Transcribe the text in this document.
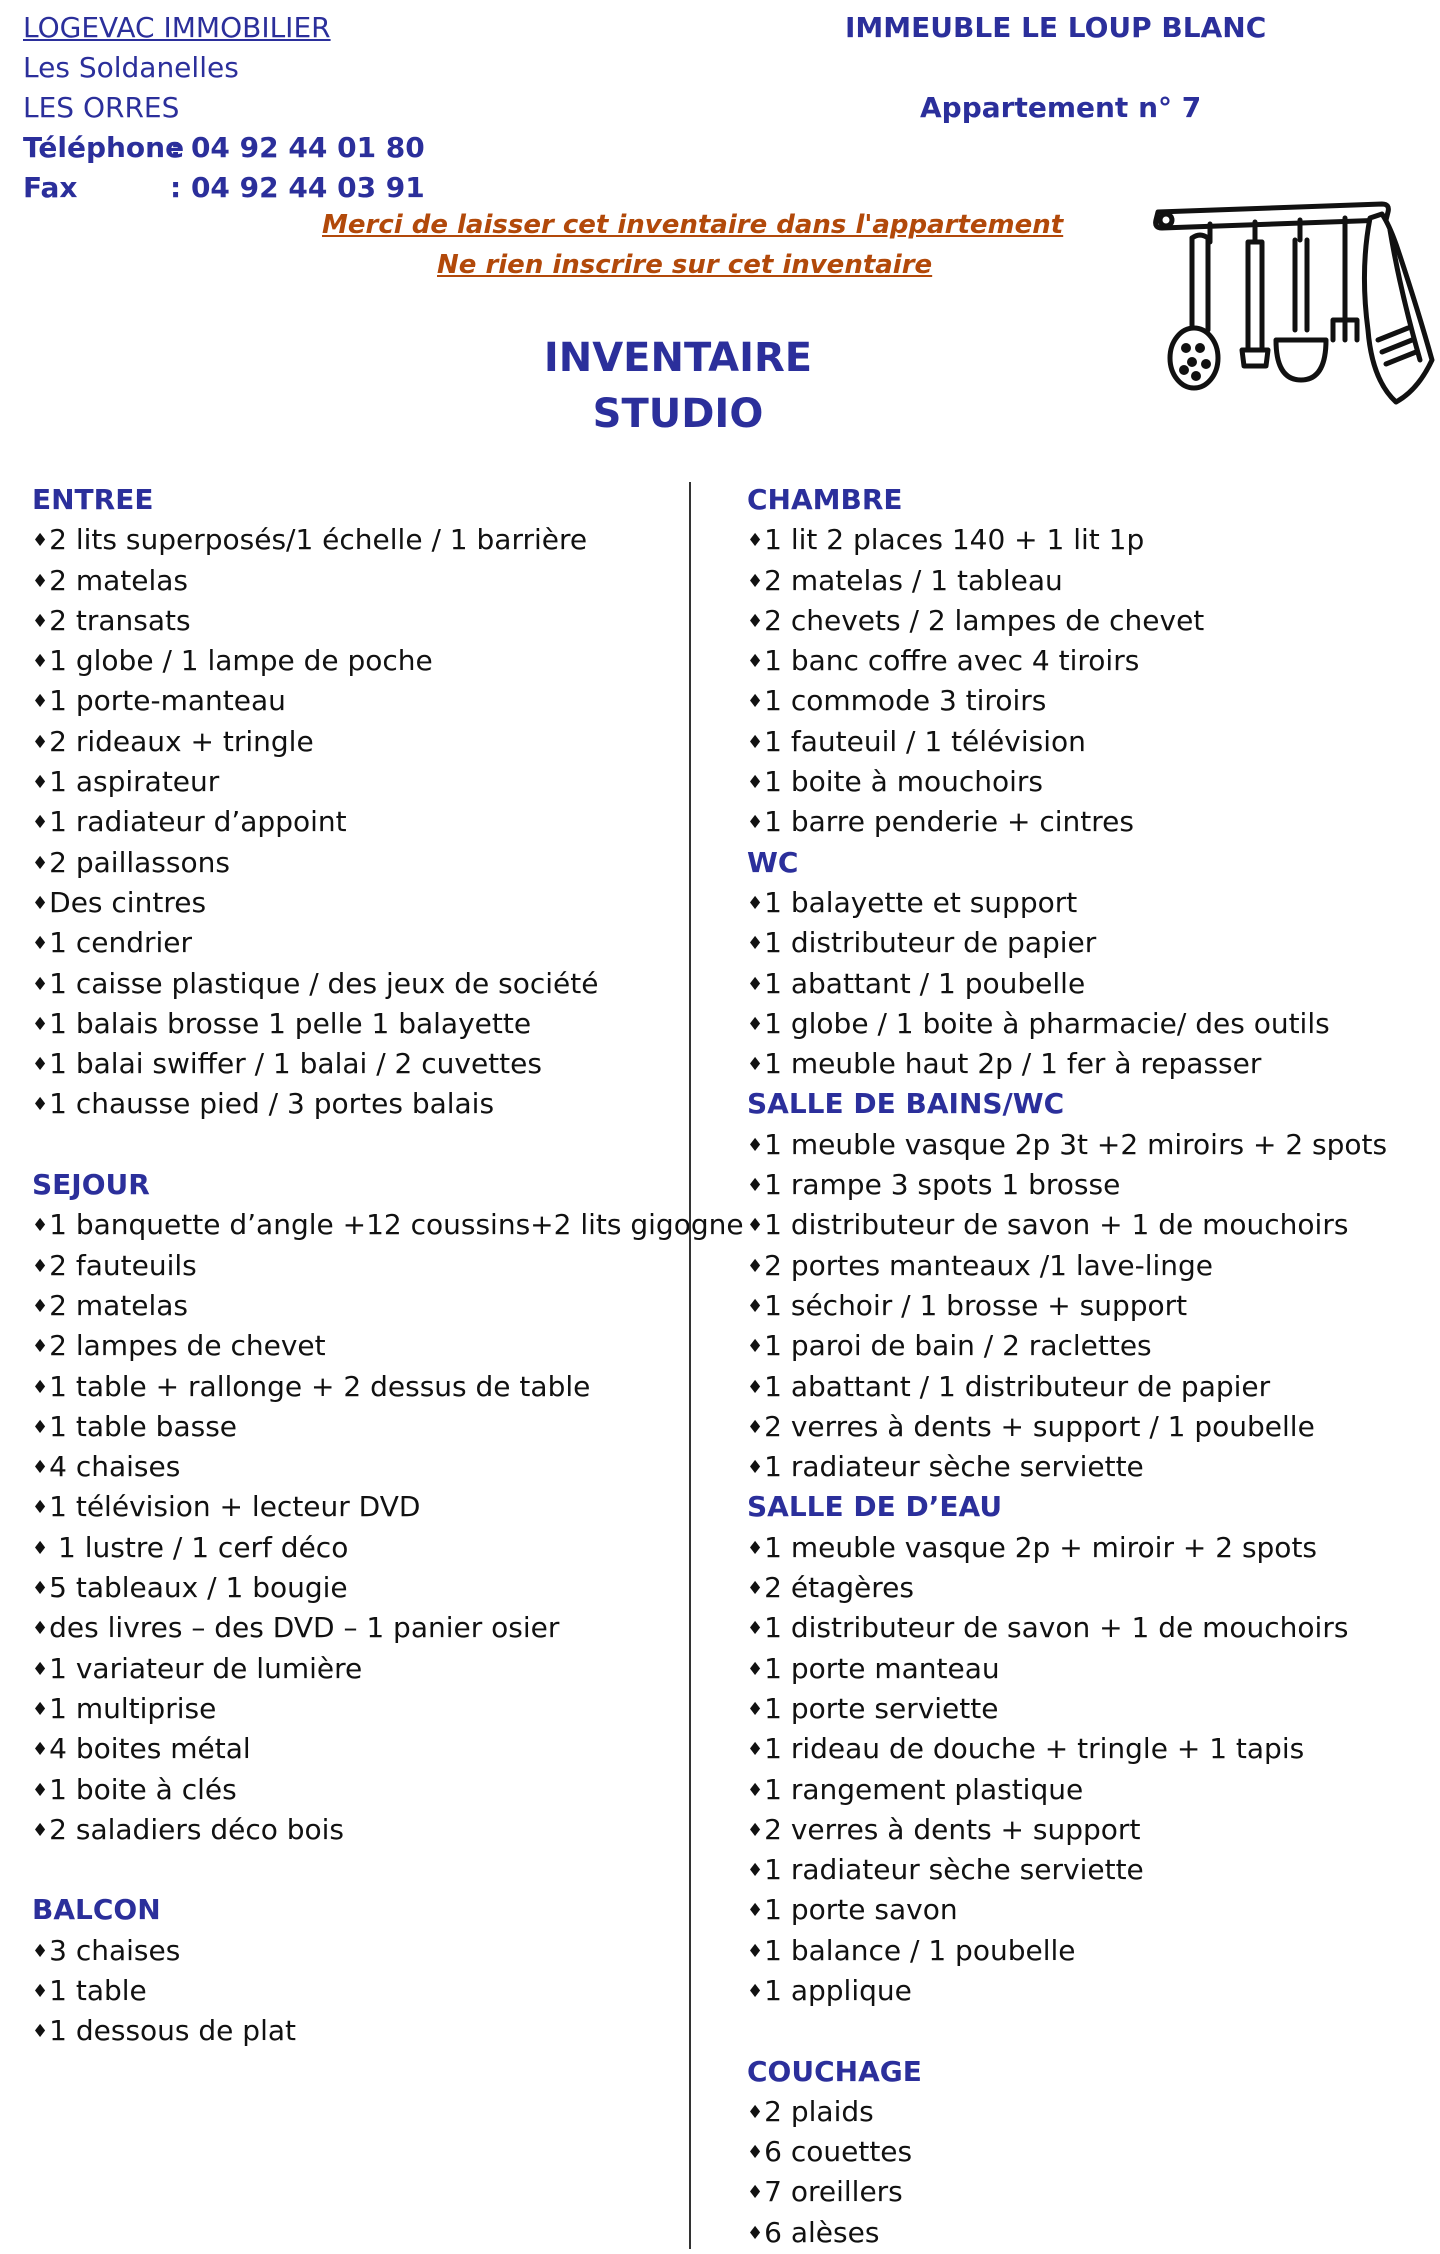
LOGEVAC IMMOBILIER
Les Soldanelles
LES ORRES
Téléphone
: 04 92 44 01 80
Fax	: 04 92 44 03 91
IMMEUBLE LE LOUP BLANC
Appartement n° 7
Merci de laisser cet inventaire dans l'appartement
Ne rien inscrire sur cet inventaire
INVENTAIRE
STUDIO
ENTREE
♦ 2 lits superposés/1 échelle / 1 barrière
♦ 2 matelas
♦ 2 transats
♦ 1 globe / 1 lampe de poche
♦ 1 porte-manteau
♦ 2 rideaux + tringle
♦ 1 aspirateur
♦ 1 radiateur d’appoint
♦ 2 paillassons
♦ Des cintres
♦ 1 cendrier
♦ 1 caisse plastique / des jeux de société
♦ 1 balais brosse 1 pelle 1 balayette
♦ 1 balai swiffer / 1 balai / 2 cuvettes
♦ 1 chausse pied / 3 portes balais
SEJOUR
♦ 1 banquette d’angle +12 coussins+2 lits gigogne
♦ 2 fauteuils
♦ 2 matelas
♦ 2 lampes de chevet
♦ 1 table + rallonge + 2 dessus de table
♦ 1 table basse
♦ 4 chaises
♦ 1 télévision + lecteur DVD
♦ 1 lustre / 1 cerf déco
♦ 5 tableaux / 1 bougie
♦ des livres – des DVD – 1 panier osier
♦ 1 variateur de lumière
♦ 1 multiprise
♦ 4 boites métal
♦ 1 boite à clés
♦ 2 saladiers déco bois
BALCON
♦ 3 chaises
♦ 1 table
♦ 1 dessous de plat
CHAMBRE
♦ 1 lit 2 places 140 + 1 lit 1p
♦ 2 matelas / 1 tableau
♦ 2 chevets / 2 lampes de chevet
♦ 1 banc coffre avec 4 tiroirs
♦ 1 commode 3 tiroirs
♦ 1 fauteuil / 1 télévision
♦ 1 boite à mouchoirs
♦ 1 barre penderie + cintres
WC
♦ 1 balayette et support
♦ 1 distributeur de papier
♦ 1 abattant / 1 poubelle
♦ 1 globe / 1 boite à pharmacie/ des outils
♦ 1 meuble haut 2p / 1 fer à repasser
SALLE DE BAINS/WC
♦ 1 meuble vasque 2p 3t +2 miroirs + 2 spots
♦ 1 rampe 3 spots 1 brosse
♦ 1 distributeur de savon + 1 de mouchoirs
♦ 2 portes manteaux /1 lave-linge
♦ 1 séchoir / 1 brosse + support
♦ 1 paroi de bain / 2 raclettes
♦ 1 abattant / 1 distributeur de papier
♦ 2 verres à dents + support / 1 poubelle
♦ 1 radiateur sèche serviette
SALLE DE D’EAU
♦ 1 meuble vasque 2p + miroir + 2 spots
♦ 2 étagères
♦ 1 distributeur de savon + 1 de mouchoirs
♦ 1 porte manteau
♦ 1 porte serviette
♦ 1 rideau de douche + tringle + 1 tapis
♦ 1 rangement plastique
♦ 2 verres à dents + support
♦ 1 radiateur sèche serviette
♦ 1 porte savon
♦ 1 balance / 1 poubelle
♦ 1 applique
COUCHAGE
♦ 2 plaids
♦ 6 couettes
♦ 7 oreillers
♦ 6 alèses
